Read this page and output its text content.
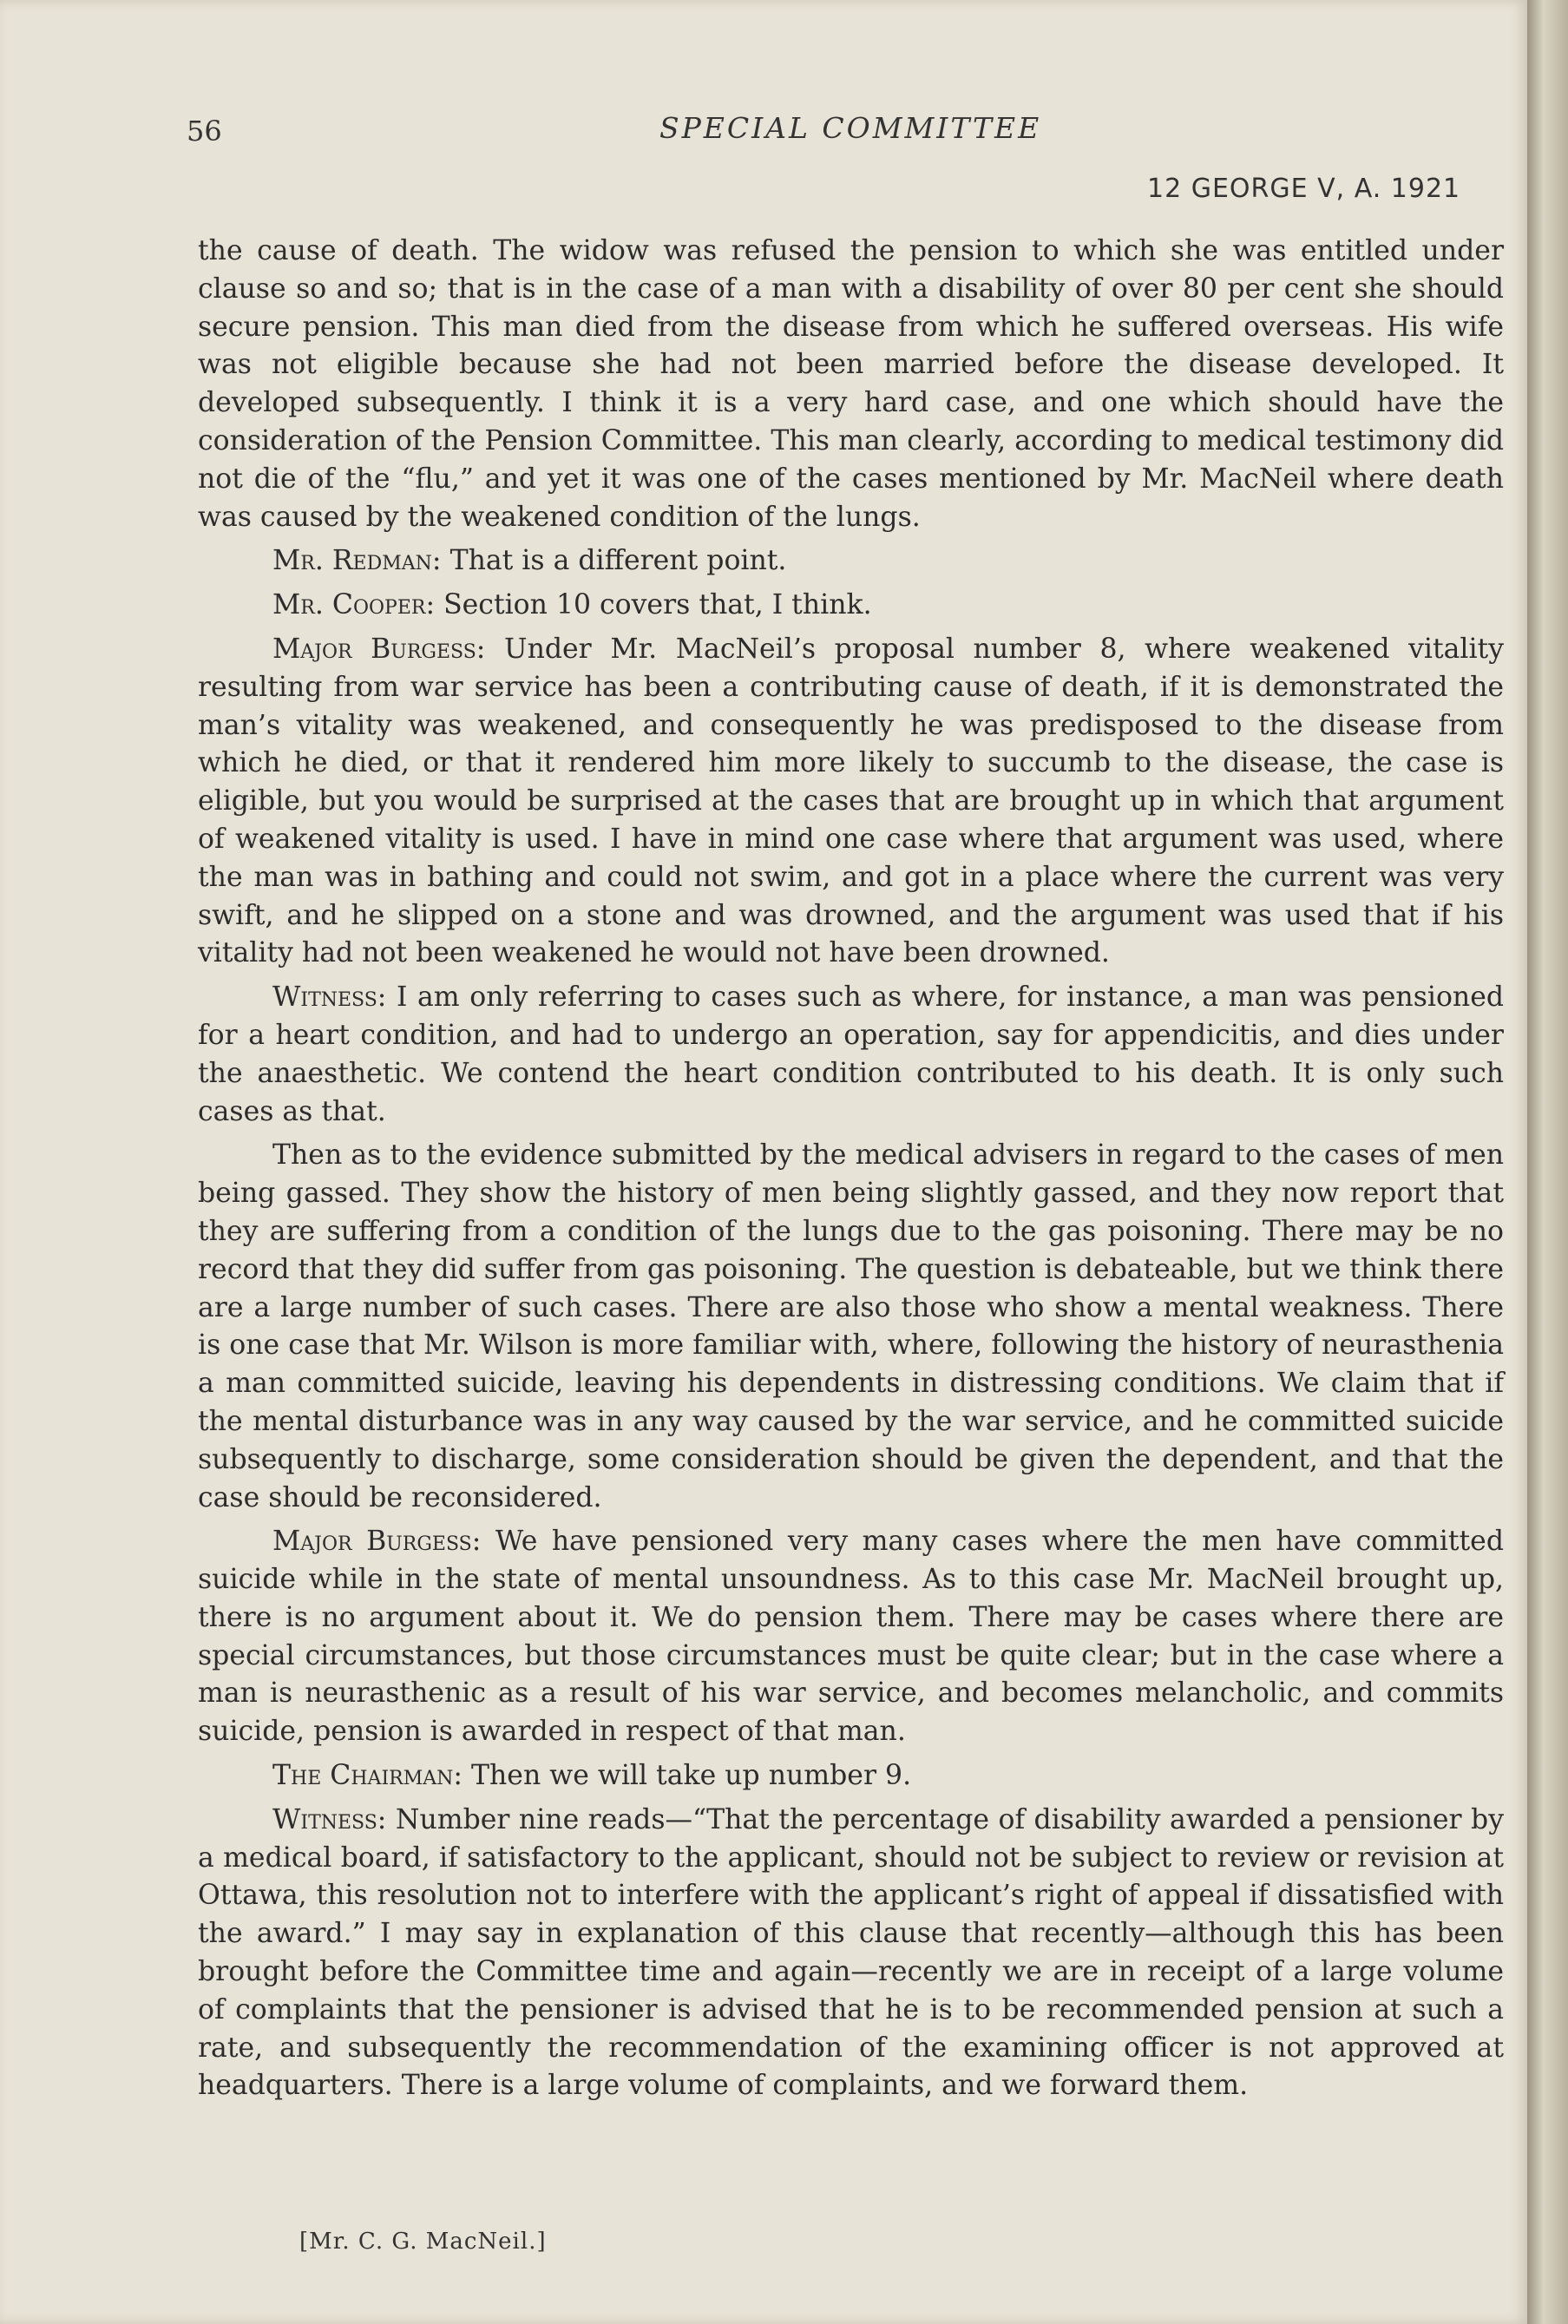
56	SPECIAL COMMITTEE
12 GEORGE V, A. 1921

the cause of death. The widow was refused the pension to which she was entitled under clause so and so; that is in the case of a man with a disability of over 80 per cent she should secure pension. This man died from the disease from which he suffered overseas. His wife was not eligible because she had not been married before the disease developed. It developed subsequently. I think it is a very hard case, and one which should have the consideration of the Pension Committee. This man clearly, according to medical testimony did not die of the “flu,” and yet it was one of the cases mentioned by Mr. MacNeil where death was caused by the weakened condition of the lungs.

Mr. Redman: That is a different point.

Mr. Cooper: Section 10 covers that, I think.

Major Burgess: Under Mr. MacNeil’s proposal number 8, where weakened vitality resulting from war service has been a contributing cause of death, if it is demonstrated the man’s vitality was weakened, and consequently he was predisposed to the disease from which he died, or that it rendered him more likely to succumb to the disease, the case is eligible, but you would be surprised at the cases that are brought up in which that argument of weakened vitality is used. I have in mind one case where that argument was used, where the man was in bathing and could not swim, and got in a place where the current was very swift, and he slipped on a stone and was drowned, and the argument was used that if his vitality had not been weakened he would not have been drowned.

Witness: I am only referring to cases such as where, for instance, a man was pensioned for a heart condition, and had to undergo an operation, say for appendicitis, and dies under the anaesthetic. We contend the heart condition contributed to his death. It is only such cases as that.

Then as to the evidence submitted by the medical advisers in regard to the cases of men being gassed. They show the history of men being slightly gassed, and they now report that they are suffering from a condition of the lungs due to the gas poisoning. There may be no record that they did suffer from gas poisoning. The question is debateable, but we think there are a large number of such cases. There are also those who show a mental weakness. There is one case that Mr. Wilson is more familiar with, where, following the history of neurasthenia a man committed suicide, leaving his dependents in distressing conditions. We claim that if the mental disturbance was in any way caused by the war service, and he committed suicide subsequently to discharge, some consideration should be given the dependent, and that the case should be reconsidered.

Major Burgess: We have pensioned very many cases where the men have committed suicide while in the state of mental unsoundness. As to this case Mr. MacNeil brought up, there is no argument about it. We do pension them. There may be cases where there are special circumstances, but those circumstances must be quite clear; but in the case where a man is neurasthenic as a result of his war service, and becomes melancholic, and commits suicide, pension is awarded in respect of that man.

The Chairman: Then we will take up number 9.

Witness: Number nine reads—“That the percentage of disability awarded a pensioner by a medical board, if satisfactory to the applicant, should not be subject to review or revision at Ottawa, this resolution not to interfere with the applicant’s right of appeal if dissatisfied with the award.” I may say in explanation of this clause that recently—although this has been brought before the Committee time and again—recently we are in receipt of a large volume of complaints that the pensioner is advised that he is to be recommended pension at such a rate, and subsequently the recommendation of the examining officer is not approved at headquarters. There is a large volume of complaints, and we forward them.

[Mr. C. G. MacNeil.]
